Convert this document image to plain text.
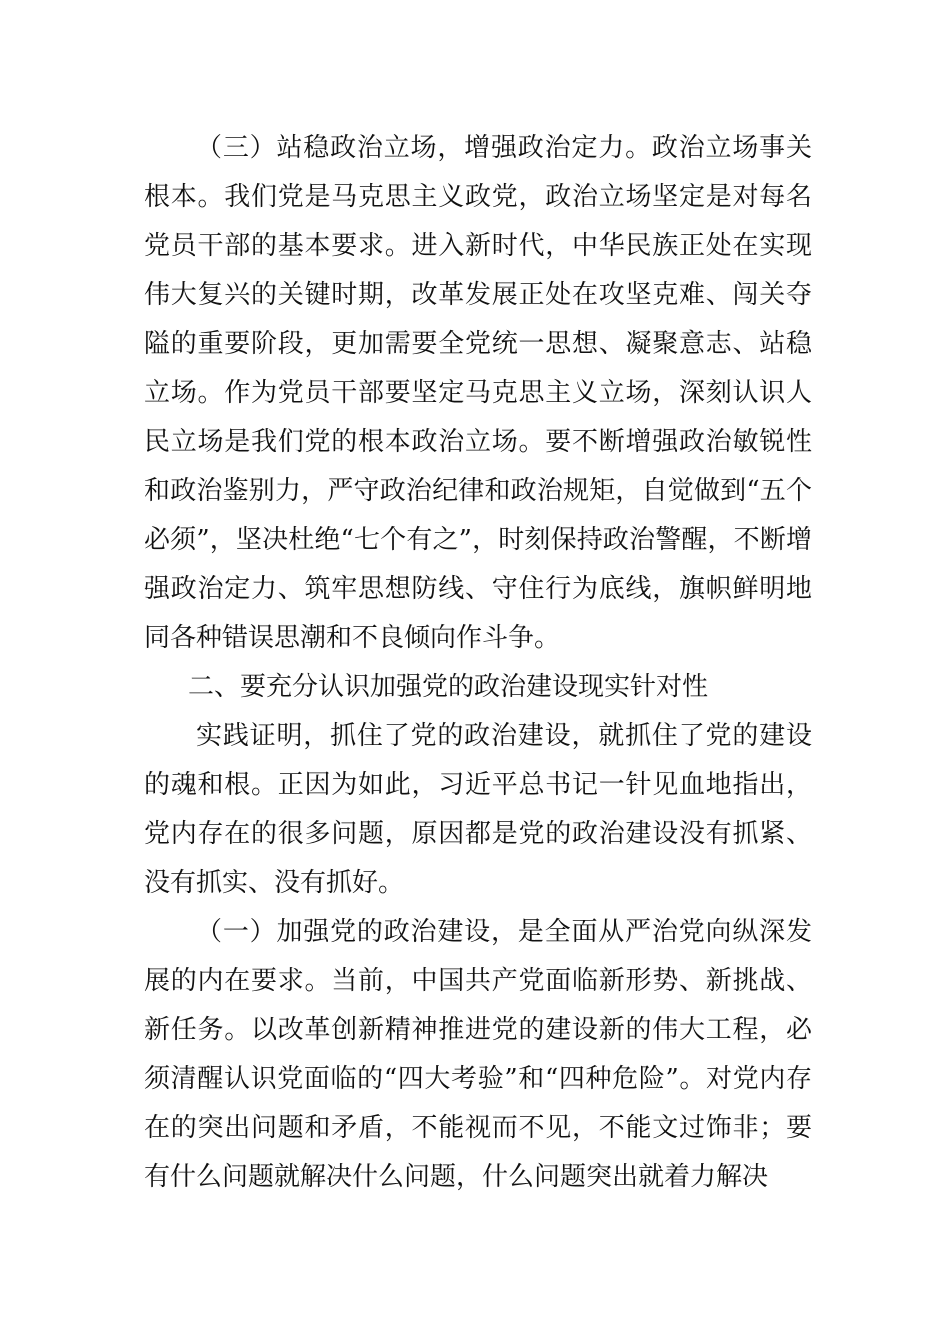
（三）站稳政治立场，增强政治定力。政治立场事关根本。我们党是马克思主义政党，政治立场坚定是对每名党员干部的基本要求。进入新时代，中华民族正处在实现伟大复兴的关键时期，改革发展正处在攻坚克难、闯关夺隘的重要阶段，更加需要全党统一思想、凝聚意志、站稳立场。作为党员干部要坚定马克思主义立场，深刻认识人民立场是我们党的根本政治立场。要不断增强政治敏锐性和政治鉴别力，严守政治纪律和政治规矩，自觉做到“五个必须”，坚决杜绝“七个有之”，时刻保持政治警醒，不断增强政治定力、筑牢思想防线、守住行为底线，旗帜鲜明地同各种错误思潮和不良倾向作斗争。

二、要充分认识加强党的政治建设现实针对性

实践证明，抓住了党的政治建设，就抓住了党的建设的魂和根。正因为如此，习近平总书记一针见血地指出，党内存在的很多问题，原因都是党的政治建设没有抓紧、没有抓实、没有抓好。

（一）加强党的政治建设，是全面从严治党向纵深发展的内在要求。当前，中国共产党面临新形势、新挑战、新任务。以改革创新精神推进党的建设新的伟大工程，必须清醒认识党面临的“四大考验”和“四种危险”。对党内存在的突出问题和矛盾，不能视而不见，不能文过饰非；要有什么问题就解决什么问题，什么问题突出就着力解决
